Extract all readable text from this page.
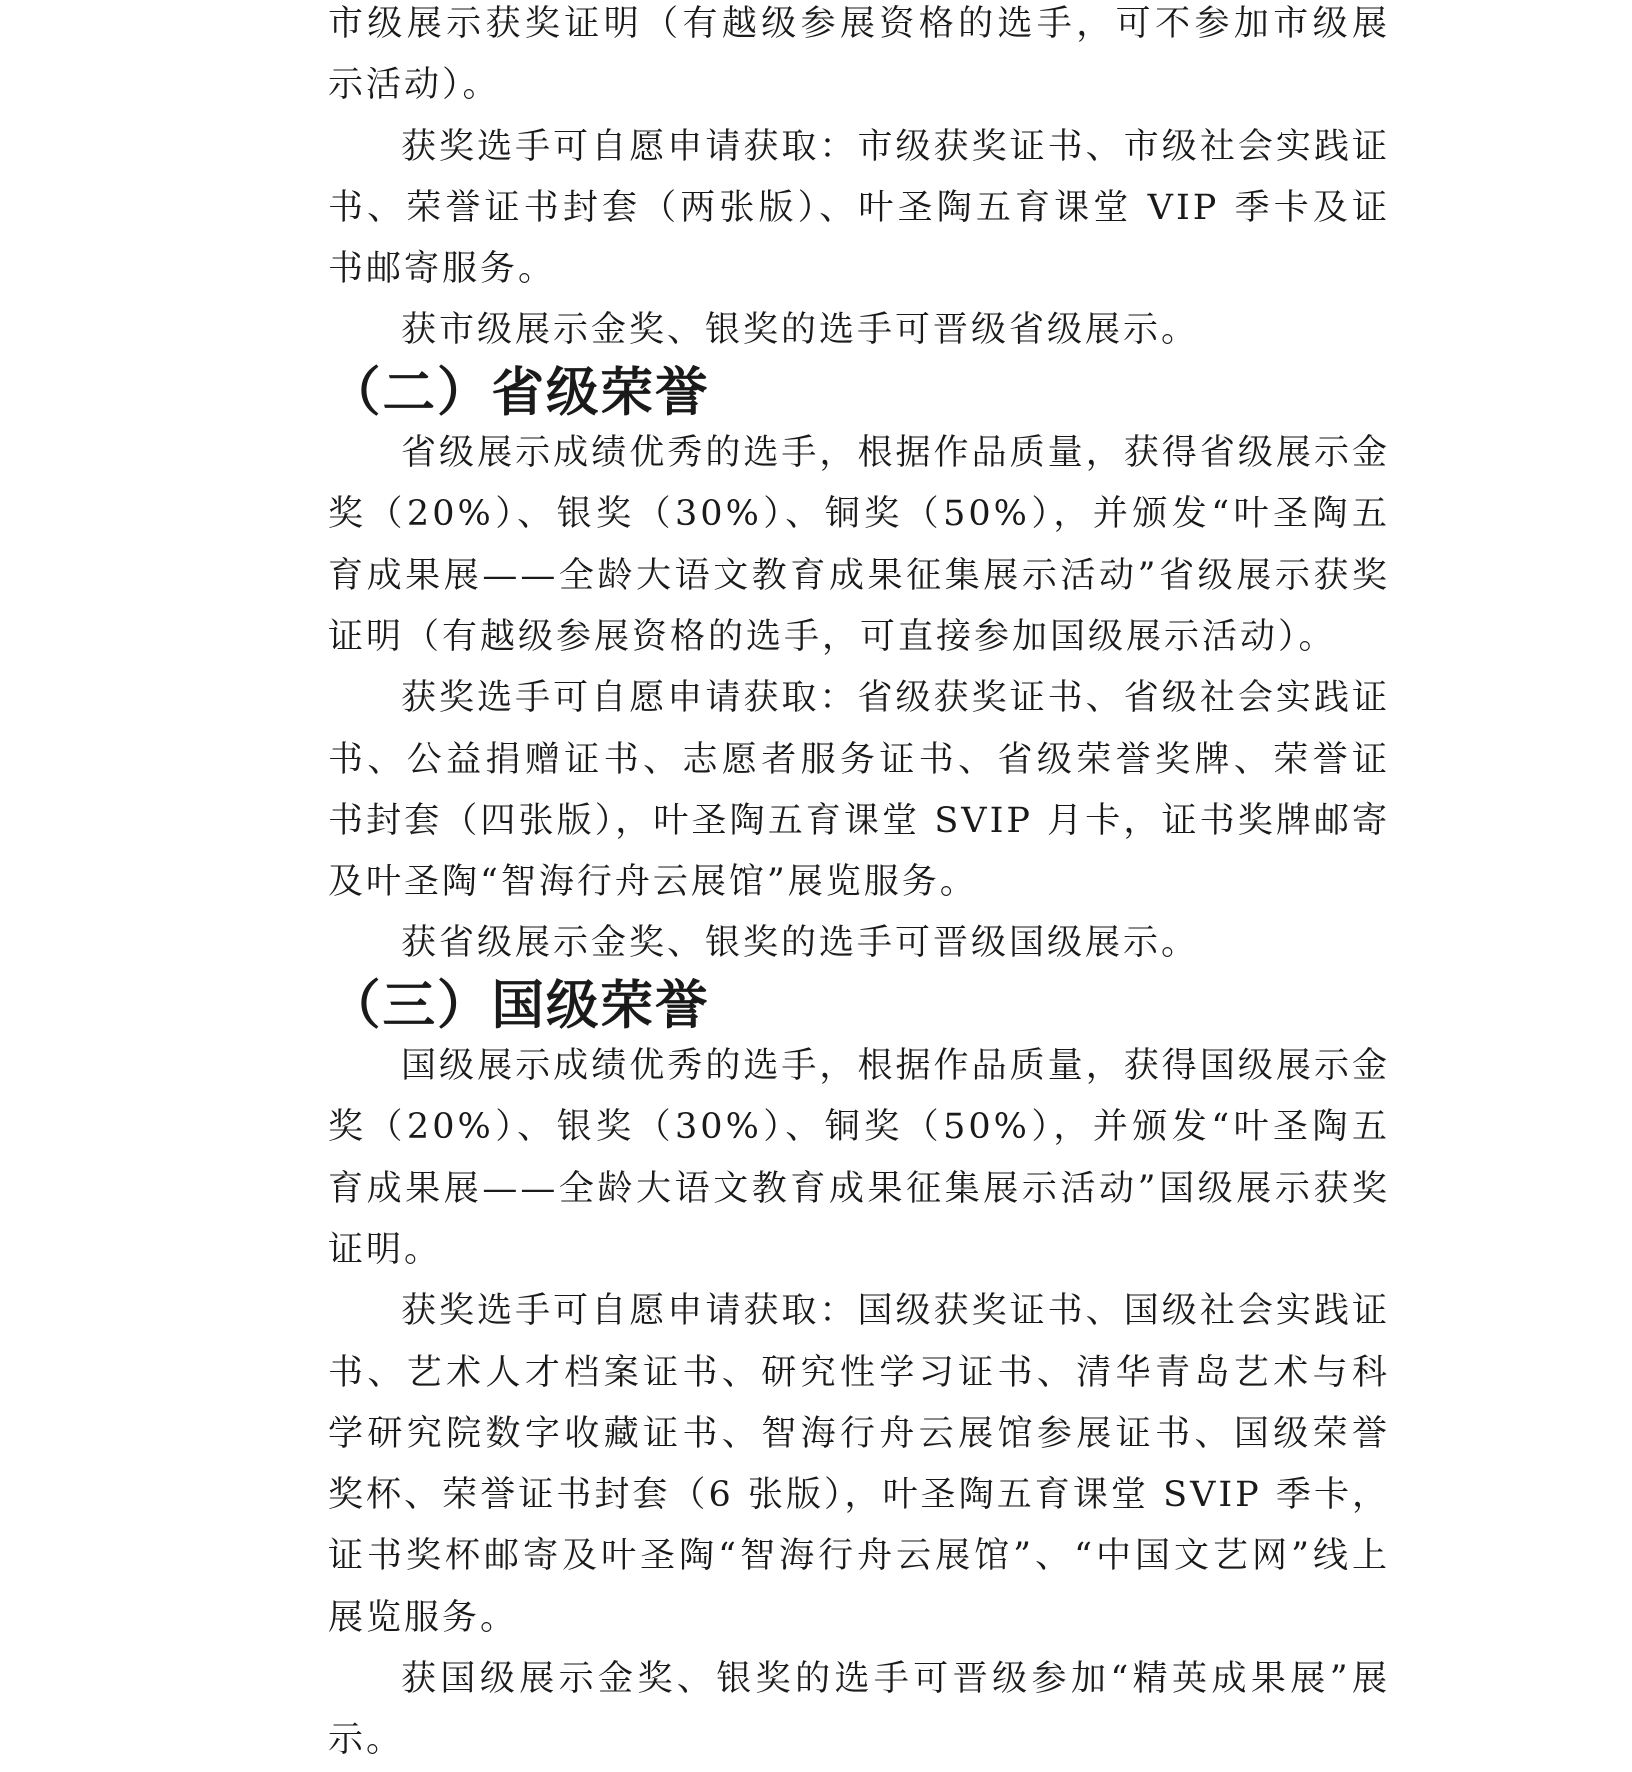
市级展示获奖证明（有越级参展资格的选手，可不参加市级展示活动）。

获奖选手可自愿申请获取：市级获奖证书、市级社会实践证书、荣誉证书封套（两张版）、叶圣陶五育课堂 VIP 季卡及证书邮寄服务。

获市级展示金奖、银奖的选手可晋级省级展示。

（二）省级荣誉

省级展示成绩优秀的选手，根据作品质量，获得省级展示金奖（20%）、银奖（30%）、铜奖（50%），并颁发“叶圣陶五育成果展——全龄大语文教育成果征集展示活动”省级展示获奖证明（有越级参展资格的选手，可直接参加国级展示活动）。

获奖选手可自愿申请获取：省级获奖证书、省级社会实践证书、公益捐赠证书、志愿者服务证书、省级荣誉奖牌、荣誉证书封套（四张版），叶圣陶五育课堂 SVIP 月卡，证书奖牌邮寄及叶圣陶“智海行舟云展馆”展览服务。

获省级展示金奖、银奖的选手可晋级国级展示。

（三）国级荣誉

国级展示成绩优秀的选手，根据作品质量，获得国级展示金奖（20%）、银奖（30%）、铜奖（50%），并颁发“叶圣陶五育成果展——全龄大语文教育成果征集展示活动”国级展示获奖证明。

获奖选手可自愿申请获取：国级获奖证书、国级社会实践证书、艺术人才档案证书、研究性学习证书、清华青岛艺术与科学研究院数字收藏证书、智海行舟云展馆参展证书、国级荣誉奖杯、荣誉证书封套（6 张版），叶圣陶五育课堂 SVIP 季卡，证书奖杯邮寄及叶圣陶“智海行舟云展馆”、“中国文艺网”线上展览服务。

获国级展示金奖、银奖的选手可晋级参加“精英成果展”展示。
